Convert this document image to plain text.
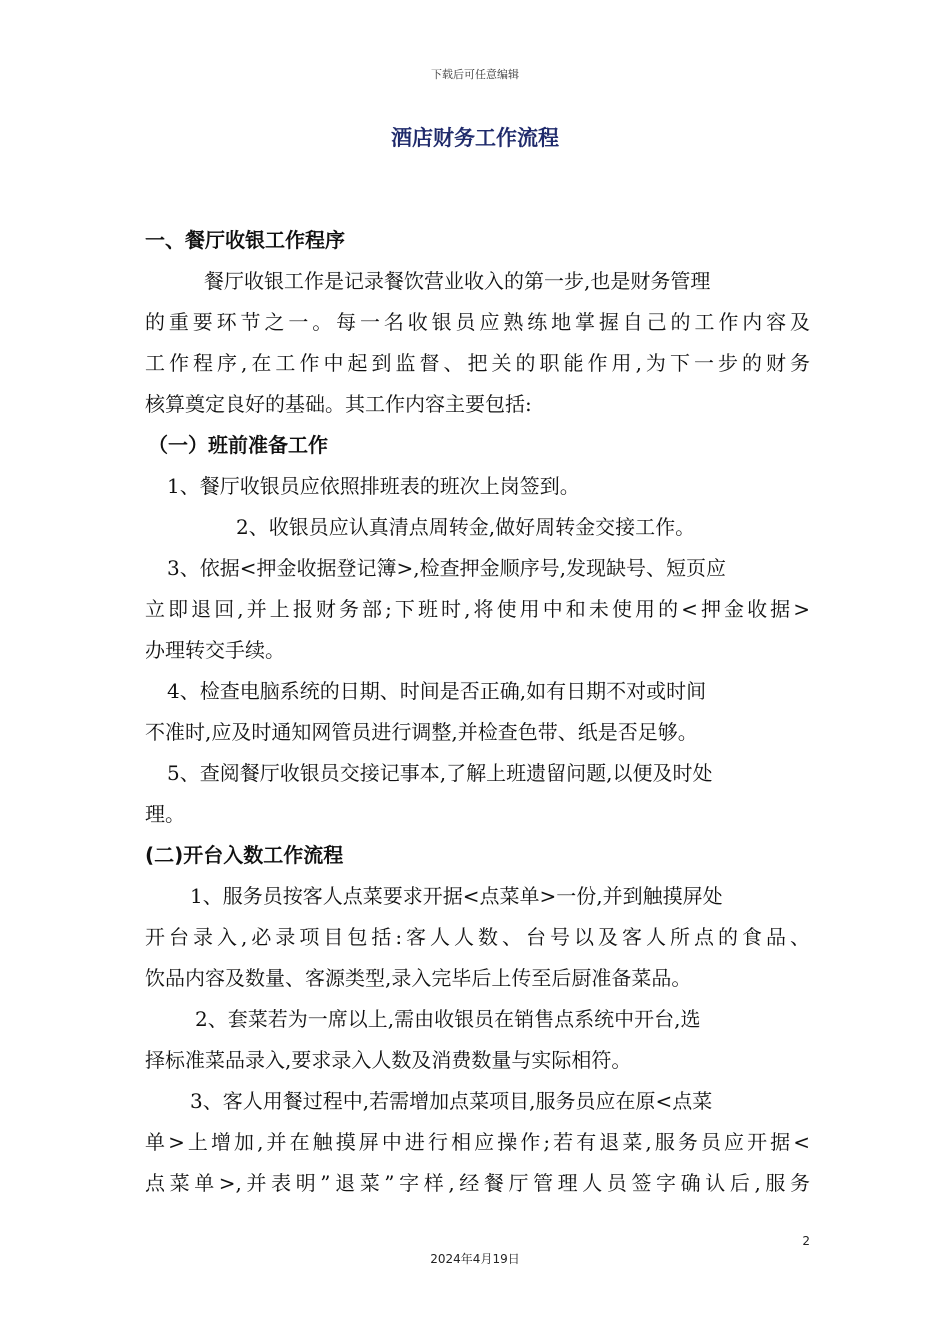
下载后可任意编辑
酒店财务工作流程
一、餐厅收银工作程序
餐厅收银工作是记录餐饮营业收入的第一步,也是财务管理
的重要环节之一。每一名收银员应熟练地掌握自己的工作内容及
工作程序,在工作中起到监督、把关的职能作用,为下一步的财务
核算奠定良好的基础。其工作内容主要包括:
（一）班前准备工作
1、餐厅收银员应依照排班表的班次上岗签到。
2、收银员应认真清点周转金,做好周转金交接工作。
3、依据<押金收据登记簿>,检查押金顺序号,发现缺号、短页应
立即退回,并上报财务部;下班时,将使用中和未使用的<押金收据>
办理转交手续。
4、检查电脑系统的日期、时间是否正确,如有日期不对或时间
不准时,应及时通知网管员进行调整,并检查色带、纸是否足够。
5、查阅餐厅收银员交接记事本,了解上班遗留问题,以便及时处
理。
(二)开台入数工作流程
1、服务员按客人点菜要求开据<点菜单>一份,并到触摸屏处
开台录入,必录项目包括:客人人数、台号以及客人所点的食品、
饮品内容及数量、客源类型,录入完毕后上传至后厨准备菜品。
2、套菜若为一席以上,需由收银员在销售点系统中开台,选
择标准菜品录入,要求录入人数及消费数量与实际相符。
3、客人用餐过程中,若需增加点菜项目,服务员应在原<点菜
单>上增加,并在触摸屏中进行相应操作;若有退菜,服务员应开据<
点菜单>,并表明”退菜”字样,经餐厅管理人员签字确认后,服务
2
2024年4月19日
